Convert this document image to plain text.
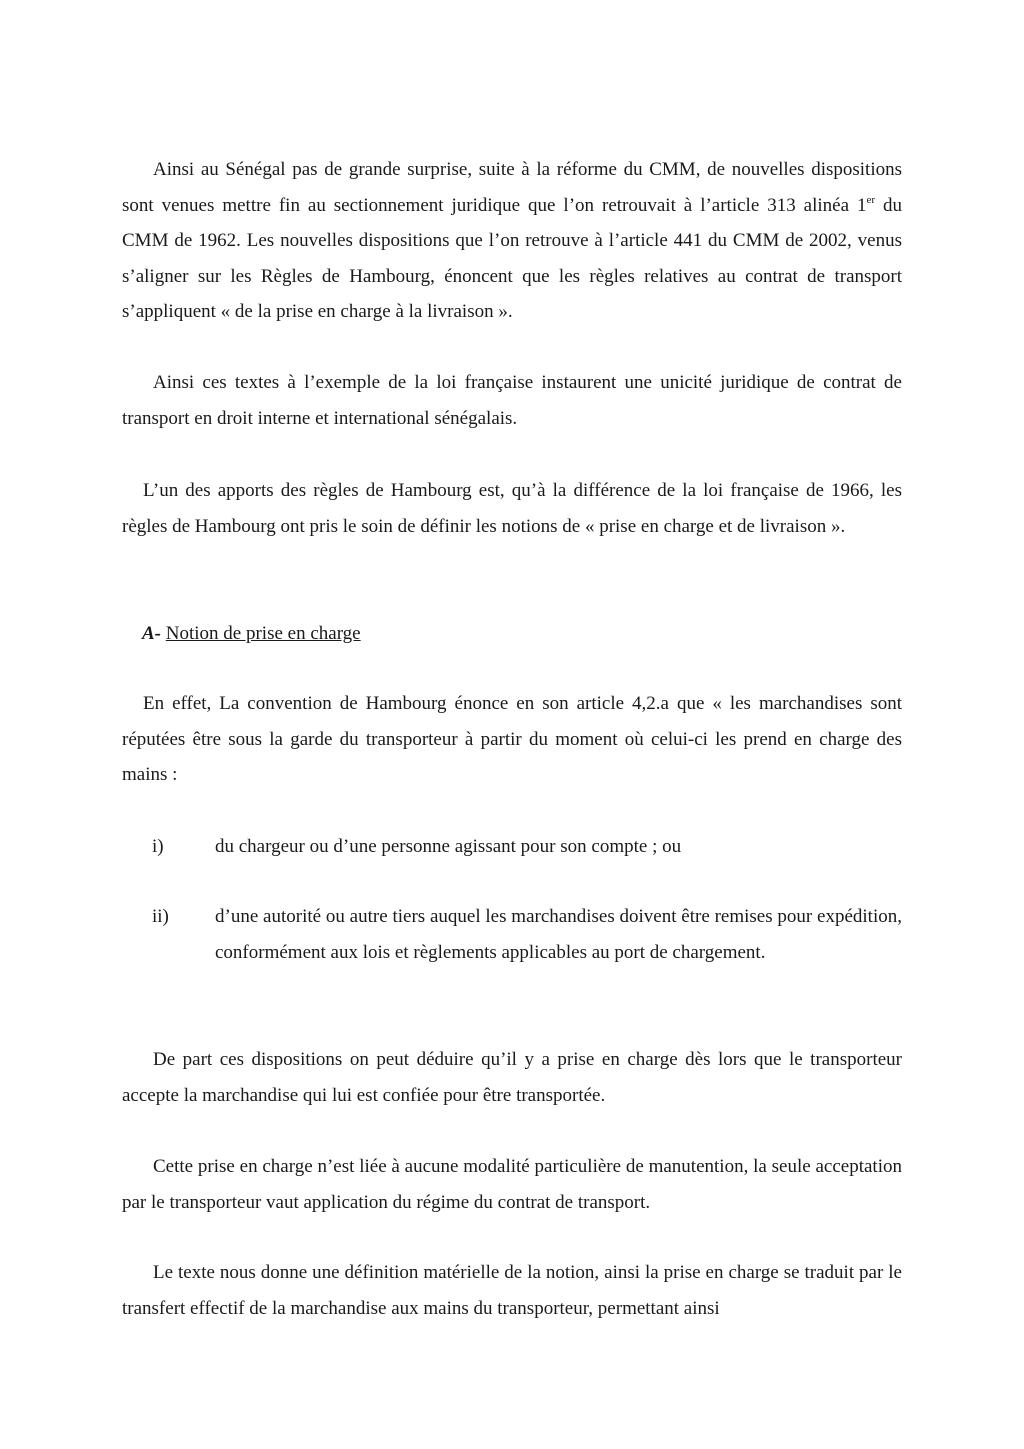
Ainsi au Sénégal pas de grande surprise, suite à la réforme du CMM, de nouvelles dispositions sont venues mettre fin au sectionnement juridique que l’on retrouvait à l’article 313 alinéa 1er du CMM de 1962. Les nouvelles dispositions que l’on retrouve à l’article 441 du CMM de 2002, venus s’aligner sur les Règles de Hambourg, énoncent que les règles relatives au contrat de transport s’appliquent « de la prise en charge à la livraison ».

Ainsi ces textes à l’exemple de la loi française instaurent une unicité juridique de contrat de transport en droit interne et international sénégalais.

L’un des apports des règles de Hambourg est, qu’à la différence de la loi française de 1966, les règles de Hambourg ont pris le soin de définir les notions de « prise en charge et de livraison ».

A- Notion de prise en charge

En effet, La convention de Hambourg énonce en son article 4,2.a que « les marchandises sont réputées être sous la garde du transporteur à partir du moment où celui-ci les prend en charge des mains :

i)	du chargeur ou d’une personne agissant pour son compte ; ou
ii) d’une autorité ou autre tiers auquel les marchandises doivent être remises pour expédition, conformément aux lois et règlements applicables au port de chargement.

De part ces dispositions on peut déduire qu’il y a prise en charge dès lors que le transporteur accepte la marchandise qui lui est confiée pour être transportée.

Cette prise en charge n’est liée à aucune modalité particulière de manutention, la seule acceptation par le transporteur vaut application du régime du contrat de transport.

Le texte nous donne une définition matérielle de la notion, ainsi la prise en charge se traduit par le transfert effectif de la marchandise aux mains du transporteur, permettant ainsi
